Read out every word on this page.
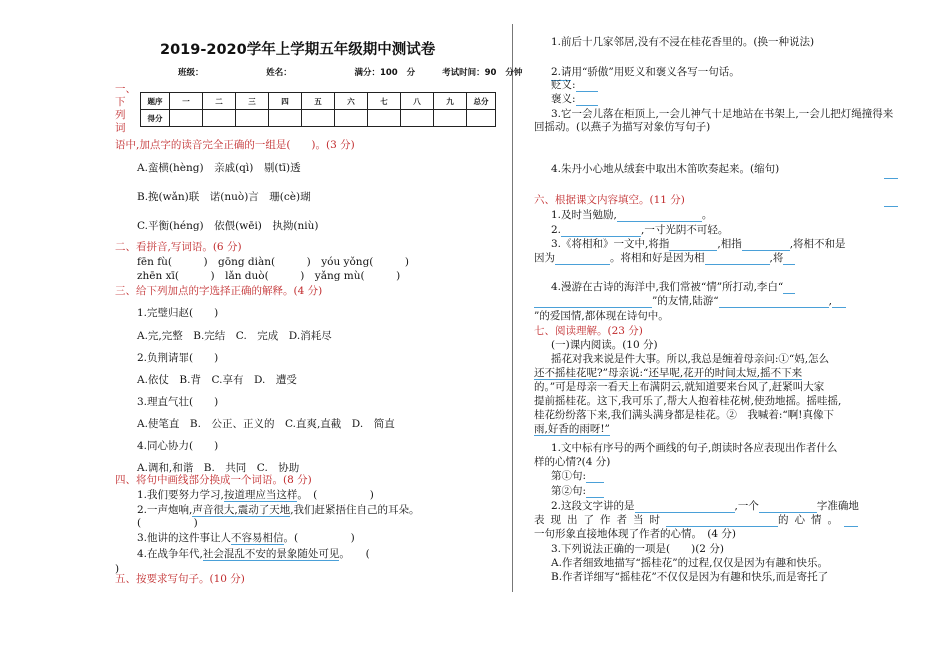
2019-2020学年上学期五年级期中测试卷
班级：	姓名：	满分：100 分	考试时间：90 分钟
题序	一	二	三	四	五	六	七	八	九	总分
得分										
一、下列词
语中,加点字的读音完全正确的一组是(　　)。(3 分)
A.蛮横(hèng)　亲戚(qì)　剔(tī)透
B.挽(wǎn)联　诺(nuò)言　珊(cè)瑚
C.平衡(héng)　依偎(wēi)　执拗(niù)
二、看拼音,写词语。(6 分)
fēn fù(　　　)　gōng diàn(　　　)　yóu yǒng(　　　)
zhēn xī(　　　)　lǎn duò(　　　)　yǎng mù(　　　)
三、给下列加点的字选择正确的解释。(4 分)
1.完璧归赵(　　)
A.完,完整　B.完结　C.　完成　D.消耗尽
2.负荆请罪(　　)
A.依仗　B.背　C.享有　D.　遭受
3.理直气壮(　　)
A.使笔直　B.　公正、正义的　C.直爽,直截　D.　简直
4.同心协力(　　)
A.调和,和谐　B.　共同　C.　协助
四、将句中画线部分换成一个词语。(8 分)
1.我们要努力学习,按道理应当这样。　(　　　　　)
2.一声炮响,声音很大,震动了天地,我们赶紧捂住自己的耳朵。
(　　　　　)
3.他讲的这件事让人不容易相信。(　　　　　)
4.在战争年代,社会混乱不安的景象随处可见。　　(
)
五、按要求写句子。(10 分)
1.前后十几家邻居,没有不浸在桂花香里的。(换一种说法)
2.请用“骄傲”用贬义和褒义各写一句话。
贬义:
褒义:
3.它一会儿落在柜顶上,一会儿神气十足地站在书架上,一会儿把灯绳撞得来回摇动。(以燕子为描写对象仿写句子)
4.朱丹小心地从绒套中取出木笛吹奏起来。(缩句)
六、根据课文内容填空。(11 分)
1.及时当勉励,	。
2.	,一寸光阴不可轻。
3.《将相和》一文中,将指	,相指	,将相不和是
因为	。将相和好是因为相	,将
4.漫游在古诗的海洋中,我们常被“情”所打动,李白“
”的友情,陆游“	,
”的爱国情,都体现在诗句中。
七、阅读理解。(23 分)
(一)课内阅读。(10 分)
摇花对我来说是件大事。所以,我总是缠着母亲问:①“妈,怎么
还不摇桂花呢?”母亲说:“还早呢,花开的时间太短,摇不下来
的。”可是母亲一看天上布满阴云,就知道要来台风了,赶紧叫大家
提前摇桂花。这下,我可乐了,帮大人抱着桂花树,使劲地摇。摇哇摇,
桂花纷纷落下来,我们满头满身都是桂花。②　我喊着:“啊!真像下
雨,好香的雨呀!”
1.文中标有序号的两个画线的句子,朗读时各应表现出作者什么
样的心情?(4 分)
第①句:
第②句:
2.这段文字讲的是	,一个	字准确地
表现出了作者当时	的心情。
一句形象直接地体现了作者的心情。　(4 分)
3.下列说法正确的一项是(　　)(2 分)
A.作者细致地描写“摇桂花”的过程,仅仅是因为有趣和快乐。
B.作者详细写“摇桂花”不仅仅是因为有趣和快乐,而是寄托了
